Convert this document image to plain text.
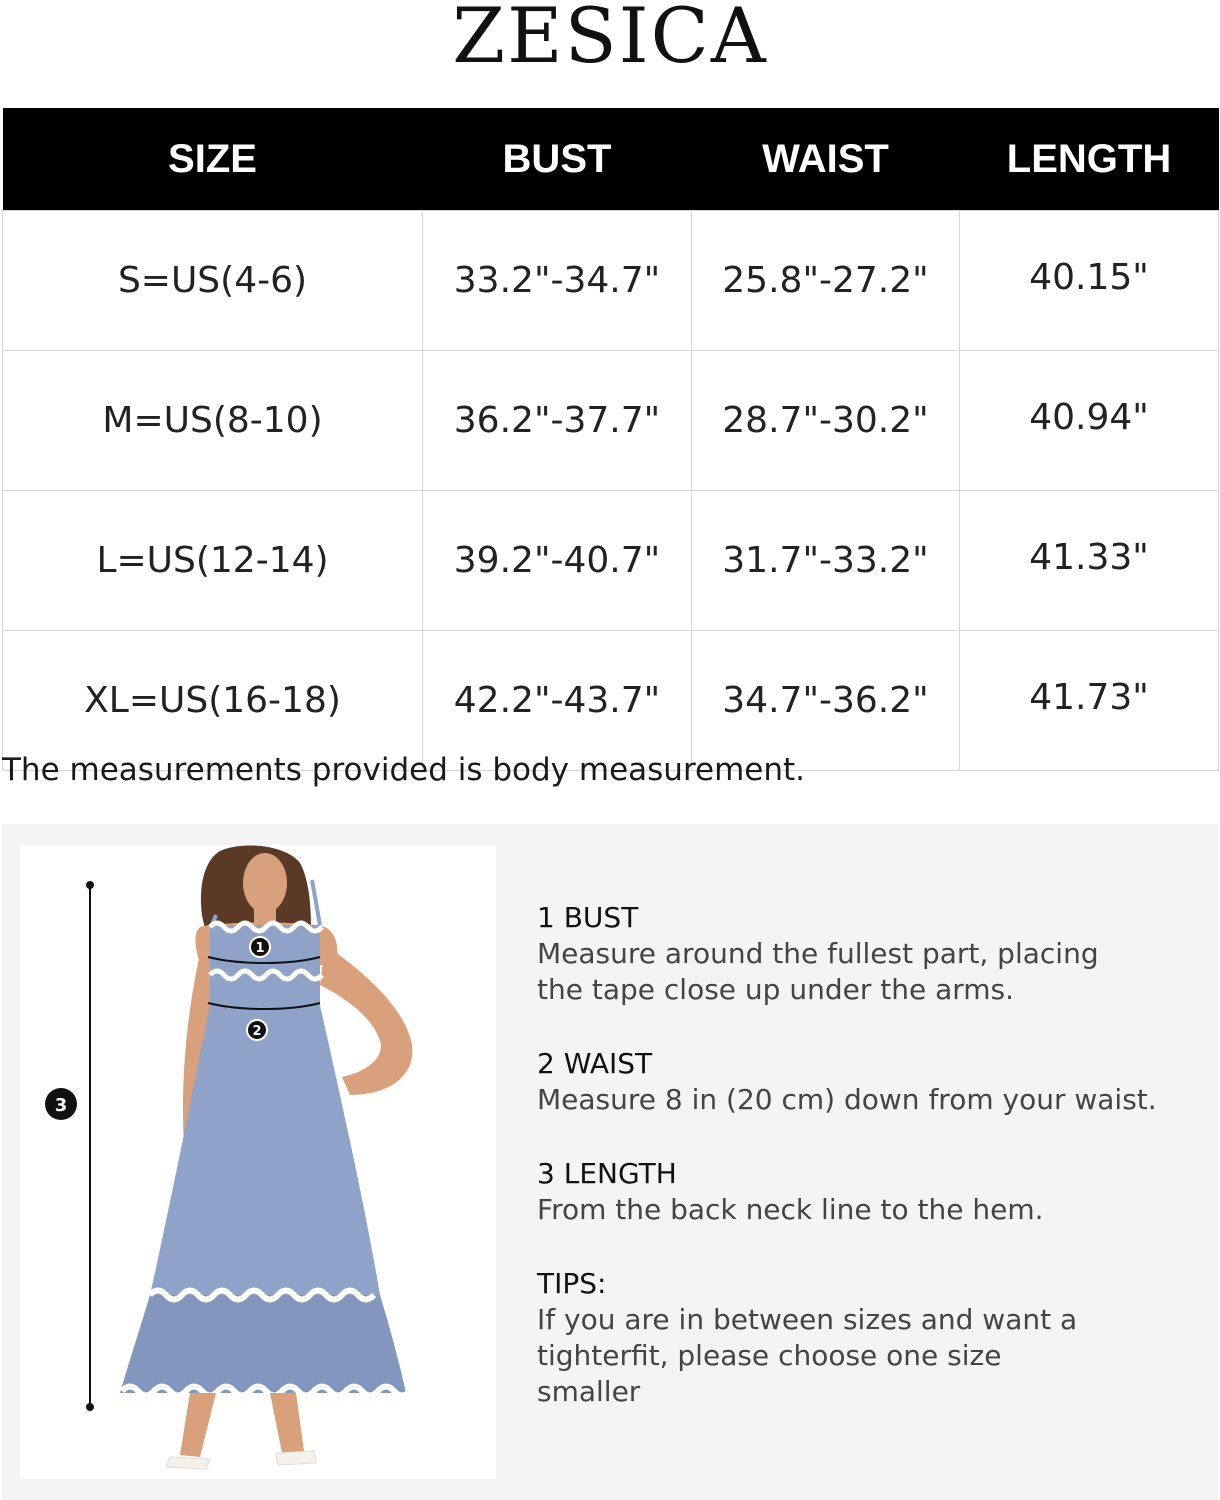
ZESICA
SIZE	BUST	WAIST	LENGTH
S=US(4-6)	33.2"-34.7"	25.8"-27.2"	40.15"
M=US(8-10)	36.2"-37.7"	28.7"-30.2"	40.94"
L=US(12-14)	39.2"-40.7"	31.7"-33.2"	41.33"
XL=US(16-18)	42.2"-43.7"	34.7"-36.2"	41.73"
The measurements provided is body measurement.
1
2
3
1 BUST
Measure around the fullest part, placing
the tape close up under the arms.
2 WAIST
Measure 8 in (20 cm) down from your waist.
3 LENGTH
From the back neck line to the hem.
TIPS:
If you are in between sizes and want a
tighterfit, please choose one size
smaller
